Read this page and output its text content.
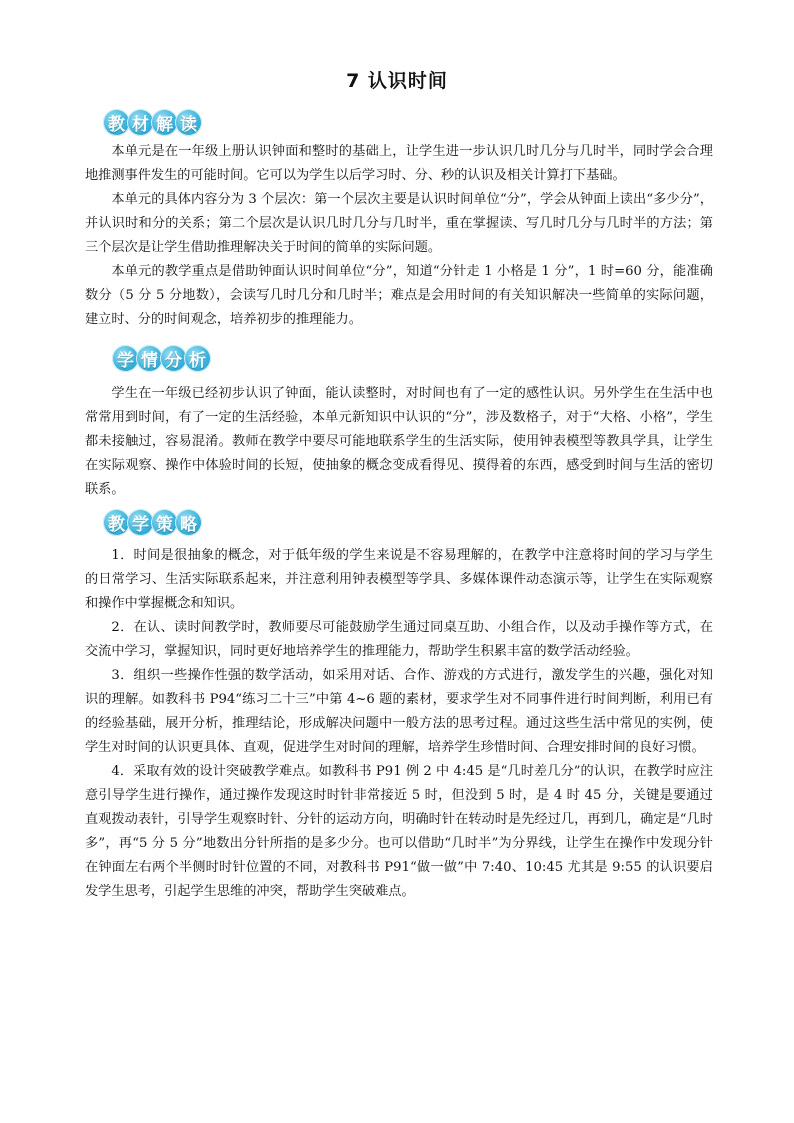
7 认识时间
教 材 解 读

本单元是在一年级上册认识钟面和整时的基础上，让学生进一步认识几时几分与几时半，同时学会合理地推测事件发生的可能时间。它可以为学生以后学习时、分、秒的认识及相关计算打下基础。

本单元的具体内容分为 3 个层次：第一个层次主要是认识时间单位“分”，学会从钟面上读出“多少分”，并认识时和分的关系；第二个层次是认识几时几分与几时半，重在掌握读、写几时几分与几时半的方法；第三个层次是让学生借助推理解决关于时间的简单的实际问题。

本单元的教学重点是借助钟面认识时间单位“分”，知道“分针走 1 小格是 1 分”，1 时=60 分，能准确数分（5 分 5 分地数），会读写几时几分和几时半；难点是会用时间的有关知识解决一些简单的实际问题，建立时、分的时间观念，培养初步的推理能力。

学 情 分 析

学生在一年级已经初步认识了钟面，能认读整时，对时间也有了一定的感性认识。另外学生在生活中也常常用到时间，有了一定的生活经验，本单元新知识中认识的“分”，涉及数格子，对于“大格、小格”，学生都未接触过，容易混淆。教师在教学中要尽可能地联系学生的生活实际，使用钟表模型等教具学具，让学生在实际观察、操作中体验时间的长短，使抽象的概念变成看得见、摸得着的东西，感受到时间与生活的密切联系。

教 学 策 略

1．时间是很抽象的概念，对于低年级的学生来说是不容易理解的，在教学中注意将时间的学习与学生的日常学习、生活实际联系起来，并注意利用钟表模型等学具、多媒体课件动态演示等，让学生在实际观察和操作中掌握概念和知识。

2．在认、读时间教学时，教师要尽可能鼓励学生通过同桌互助、小组合作，以及动手操作等方式，在交流中学习，掌握知识，同时更好地培养学生的推理能力，帮助学生积累丰富的数学活动经验。

3．组织一些操作性强的数学活动，如采用对话、合作、游戏的方式进行，激发学生的兴趣，强化对知识的理解。如教科书 P94“练习二十三”中第 4~6 题的素材，要求学生对不同事件进行时间判断，利用已有的经验基础，展开分析，推理结论，形成解决问题中一般方法的思考过程。通过这些生活中常见的实例，使学生对时间的认识更具体、直观，促进学生对时间的理解，培养学生珍惜时间、合理安排时间的良好习惯。

4．采取有效的设计突破教学难点。如教科书 P91 例 2 中 4:45 是“几时差几分”的认识，在教学时应注意引导学生进行操作，通过操作发现这时时针非常接近 5 时，但没到 5 时，是 4 时 45 分，关键是要通过直观拨动表针，引导学生观察时针、分针的运动方向，明确时针在转动时是先经过几，再到几，确定是“几时多”，再“5 分 5 分”地数出分针所指的是多少分。也可以借助“几时半”为分界线，让学生在操作中发现分针在钟面左右两个半侧时时针位置的不同，对教科书 P91“做一做”中 7:40、10:45 尤其是 9:55 的认识要启发学生思考，引起学生思维的冲突，帮助学生突破难点。
